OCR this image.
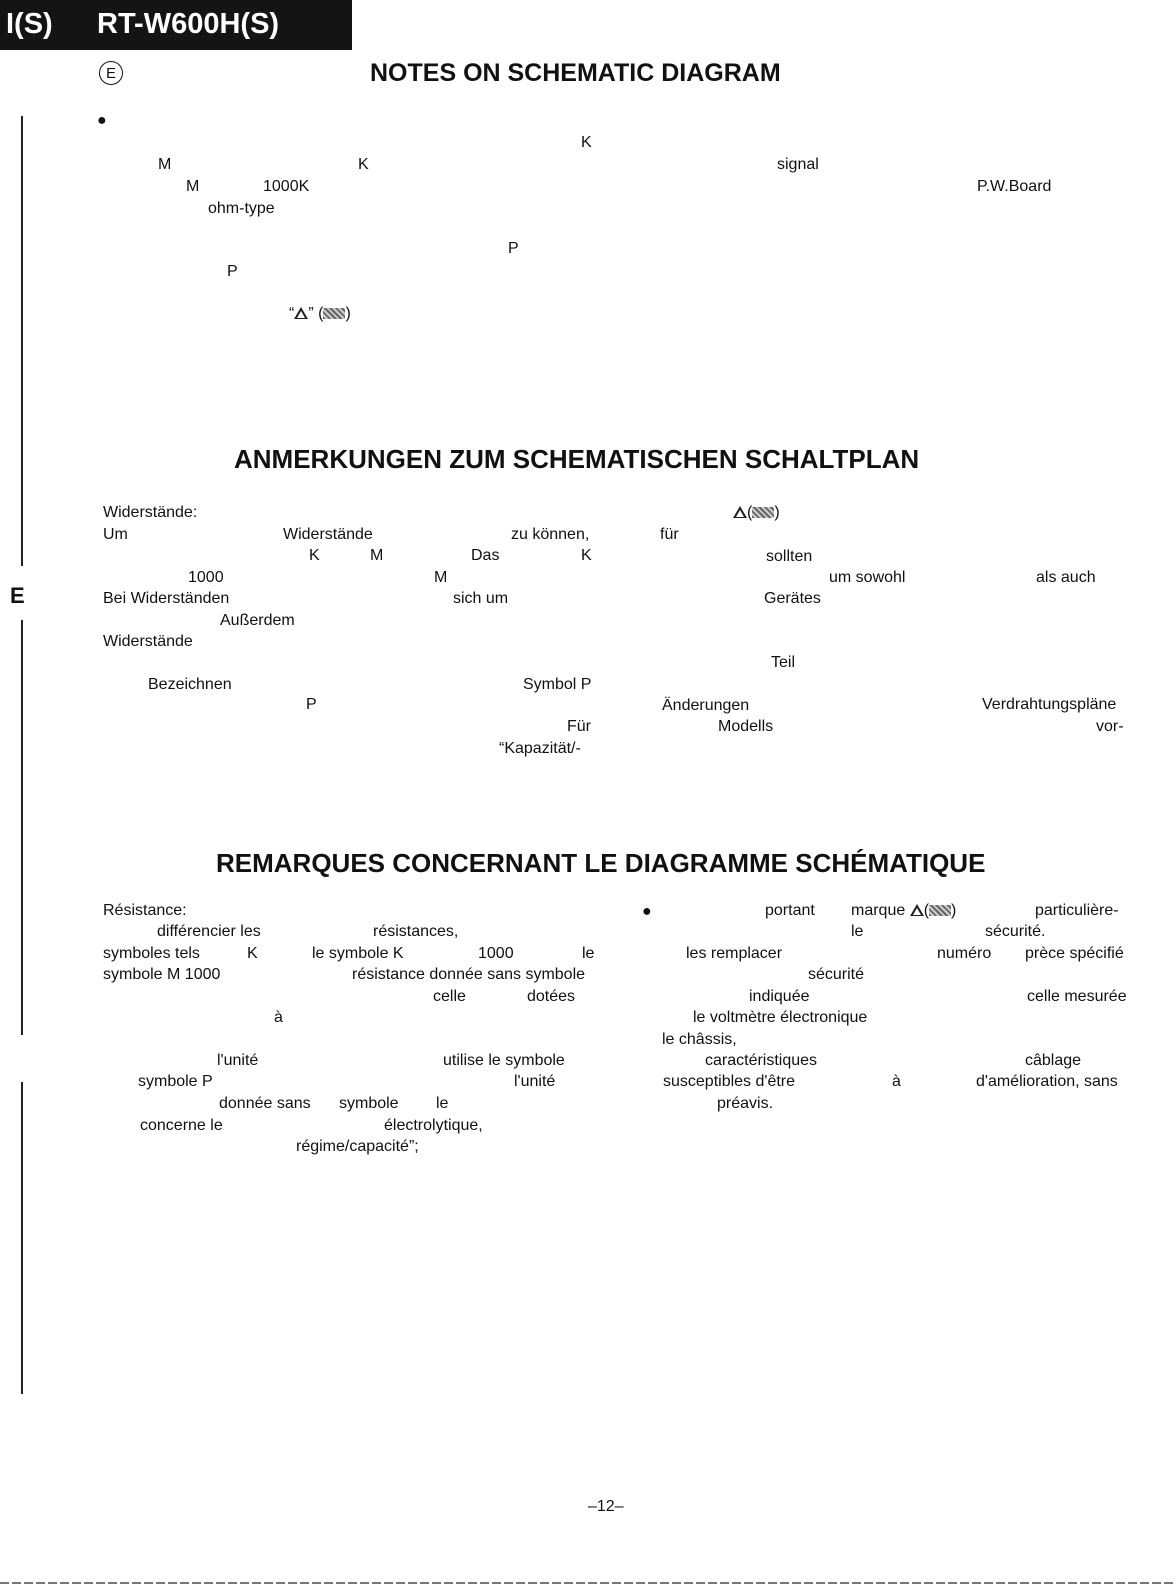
I(S) RT-W600H(S)
E
E
NOTES ON SCHEMATIC DIAGRAM
●
K
M	K	signal
M	1000K	P.W.Board
ohm-type
P
P
“ ” ( )
ANMERKUNGEN ZUM SCHEMATISCHEN SCHALTPLAN
Widerstände:	( )
Um	Widerstände	zu können,	für
K	M	Das	K	sollten
1000	M	um sowohl	als auch
Bei Widerständen	sich um	Gerätes
Außerdem
Widerstände
Teil
Bezeichnen	Symbol P
P	Änderungen	Verdrahtungspläne
Für	Modells	vor-
“Kapazität/-
REMARQUES CONCERNANT LE DIAGRAMME SCHÉMATIQUE
Résistance:	●	portant marque ( )	particulière-
différencier les	résistances,	le	sécurité.
symboles tels	K	le symbole K	1000	le	les remplacer	numéro prèce spécifié
symbole M 1000	résistance donnée sans symbole	sécurité
celle	dotées	indiquée	celle mesurée
à	le voltmètre électronique
le châssis,
l'unité	utilise le symbole	caractéristiques	câblage
symbole P	l'unité	susceptibles d'être	à	d'amélioration, sans
donnée sans symbole le	préavis.
concerne le	électrolytique,
régime/capacité”;
–12–
